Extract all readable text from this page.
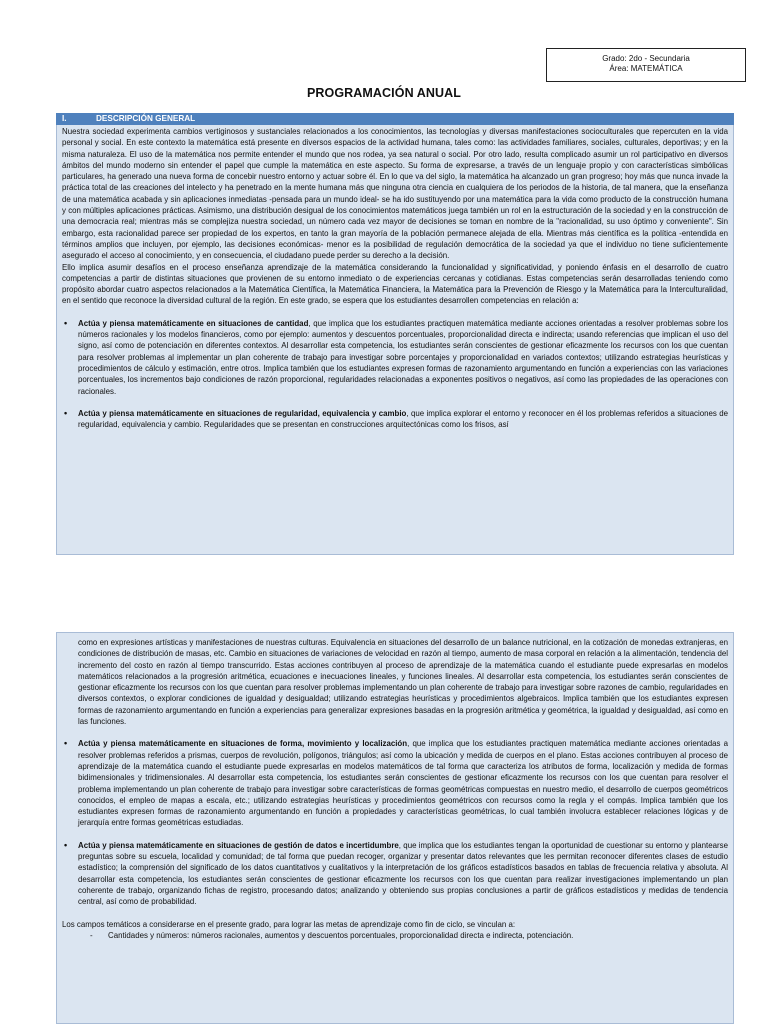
Grado: 2do - Secundaria
Área: MATEMÁTICA
PROGRAMACIÓN ANUAL
I.	DESCRIPCIÓN GENERAL

Nuestra sociedad experimenta cambios vertiginosos y sustanciales relacionados a los conocimientos, las tecnologías y diversas manifestaciones socioculturales que repercuten en la vida personal y social. En este contexto la matemática está presente en diversos espacios de la actividad humana, tales como: las actividades familiares, sociales, culturales, deportivas; y en la misma naturaleza. El uso de la matemática nos permite entender el mundo que nos rodea, ya sea natural o social. Por otro lado, resulta complicado asumir un rol participativo en diversos ámbitos del mundo moderno sin entender el papel que cumple la matemática en este aspecto. Su forma de expresarse, a través de un lenguaje propio y con características simbólicas particulares, ha generado una nueva forma de concebir nuestro entorno y actuar sobre él. En lo que va del siglo, la matemática ha alcanzado un gran progreso; hoy más que nunca invade la práctica total de las creaciones del intelecto y ha penetrado en la mente humana más que ninguna otra ciencia en cualquiera de los periodos de la historia, de tal manera, que la enseñanza de una matemática acabada y sin aplicaciones inmediatas -pensada para un mundo ideal- se ha ido sustituyendo por una matemática para la vida como producto de la construcción humana y con múltiples aplicaciones prácticas. Asimismo, una distribución desigual de los conocimientos matemáticos juega también un rol en la estructuración de la sociedad y en la construcción de una democracia real; mientras más se complejiza nuestra sociedad, un número cada vez mayor de decisiones se toman en nombre de la "racionalidad, su uso óptimo y conveniente". Sin embargo, esta racionalidad parece ser propiedad de los expertos, en tanto la gran mayoría de la población permanece alejada de ella. Mientras más científica es la política -entendida en términos amplios que incluyen, por ejemplo, las decisiones económicas- menor es la posibilidad de regulación democrática de la sociedad ya que el individuo no tiene suficientemente asegurado el acceso al conocimiento, y en consecuencia, el ciudadano puede perder su derecho a la decisión.

Ello implica asumir desafíos en el proceso enseñanza aprendizaje de la matemática considerando la funcionalidad y significatividad, y poniendo énfasis en el desarrollo de cuatro competencias a partir de distintas situaciones que provienen de su entorno inmediato o de experiencias cercanas y cotidianas. Estas competencias serán desarrolladas teniendo como propósito abordar cuatro aspectos relacionados a la Matemática Científica, la Matemática Financiera, la Matemática para la Prevención de Riesgo y la Matemática para la Interculturalidad, en el sentido que reconoce la diversidad cultural de la región. En este grado, se espera que los estudiantes desarrollen competencias en relación a:

• Actúa y piensa matemáticamente en situaciones de cantidad, que implica que los estudiantes practiquen matemática mediante acciones orientadas a resolver problemas sobre los números racionales y los modelos financieros, como por ejemplo: aumentos y descuentos porcentuales, proporcionalidad directa e indirecta; usando referencias que implican el uso del signo, así como de potenciación en diferentes contextos. Al desarrollar esta competencia, los estudiantes serán conscientes de gestionar eficazmente los recursos con los que cuentan para resolver problemas al implementar un plan coherente de trabajo para investigar sobre porcentajes y proporcionalidad en variados contextos; utilizando estrategias heurísticas y procedimientos de cálculo y estimación, entre otros. Implica también que los estudiantes expresen formas de razonamiento argumentando en función a experiencias con las variaciones porcentuales, los incrementos bajo condiciones de razón proporcional, regularidades relacionadas a exponentes positivos o negativos, así como las propiedades de las operaciones con racionales.
• Actúa y piensa matemáticamente en situaciones de regularidad, equivalencia y cambio, que implica explorar el entorno y reconocer en él los problemas referidos a situaciones de regularidad, equivalencia y cambio. Regularidades que se presentan en construcciones arquitectónicas como los frisos, así

como en expresiones artísticas y manifestaciones de nuestras culturas. Equivalencia en situaciones del desarrollo de un balance nutricional, en la cotización de monedas extranjeras, en condiciones de distribución de masas, etc. Cambio en situaciones de variaciones de velocidad en razón al tiempo, aumento de masa corporal en relación a la alimentación, tendencia del incremento del costo en razón al tiempo transcurrido. Estas acciones contribuyen al proceso de aprendizaje de la matemática cuando el estudiante puede expresarlas en modelos matemáticos relacionados a la progresión aritmética, ecuaciones e inecuaciones lineales, y funciones lineales. Al desarrollar esta competencia, los estudiantes serán conscientes de gestionar eficazmente los recursos con los que cuentan para resolver problemas implementando un plan coherente de trabajo para investigar sobre razones de cambio, regularidades en diversos contextos, o explorar condiciones de igualdad y desigualdad; utilizando estrategias heurísticas y procedimientos algebraicos. Implica también que los estudiantes expresen formas de razonamiento argumentando en función a experiencias para generalizar expresiones basadas en la progresión aritmética y geométrica, la igualdad y desigualdad, así como en las funciones.

• Actúa y piensa matemáticamente en situaciones de forma, movimiento y localización, que implica que los estudiantes practiquen matemática mediante acciones orientadas a resolver problemas referidos a prismas, cuerpos de revolución, polígonos, triángulos; así como la ubicación y medida de cuerpos en el plano. Estas acciones contribuyen al proceso de aprendizaje de la matemática cuando el estudiante puede expresarlas en modelos matemáticos de tal forma que caracteriza los atributos de forma, localización y medida de formas bidimensionales y tridimensionales. Al desarrollar esta competencia, los estudiantes serán conscientes de gestionar eficazmente los recursos con los que cuentan para resolver el problema implementando un plan coherente de trabajo para investigar sobre características de formas geométricas compuestas en nuestro medio, el desarrollo de cuerpos geométricos conocidos, el empleo de mapas a escala, etc.; utilizando estrategias heurísticas y procedimientos geométricos con recursos como la regla y el compás. Implica también que los estudiantes expresen formas de razonamiento argumentando en función a propiedades y características geométricas, lo cual también involucra establecer relaciones lógicas y de jerarquía entre formas geométricas estudiadas.
• Actúa y piensa matemáticamente en situaciones de gestión de datos e incertidumbre, que implica que los estudiantes tengan la oportunidad de cuestionar su entorno y plantearse preguntas sobre su escuela, localidad y comunidad; de tal forma que puedan recoger, organizar y presentar datos relevantes que les permitan reconocer diferentes clases de estudio estadístico; la comprensión del significado de los datos cuantitativos y cualitativos y la interpretación de los gráficos estadísticos basados en tablas de frecuencia relativa y absoluta. Al desarrollar esta competencia, los estudiantes serán conscientes de gestionar eficazmente los recursos con los que cuentan para realizar investigaciones implementando un plan coherente de trabajo, organizando fichas de registro, procesando datos; analizando y obteniendo sus propias conclusiones a partir de gráficos estadísticos y medidas de tendencia central, así como de probabilidad.

Los campos temáticos a considerarse en el presente grado, para lograr las metas de aprendizaje como fin de ciclo, se vinculan a:

- Cantidades y números: números racionales, aumentos y descuentos porcentuales, proporcionalidad directa e indirecta, potenciación.
